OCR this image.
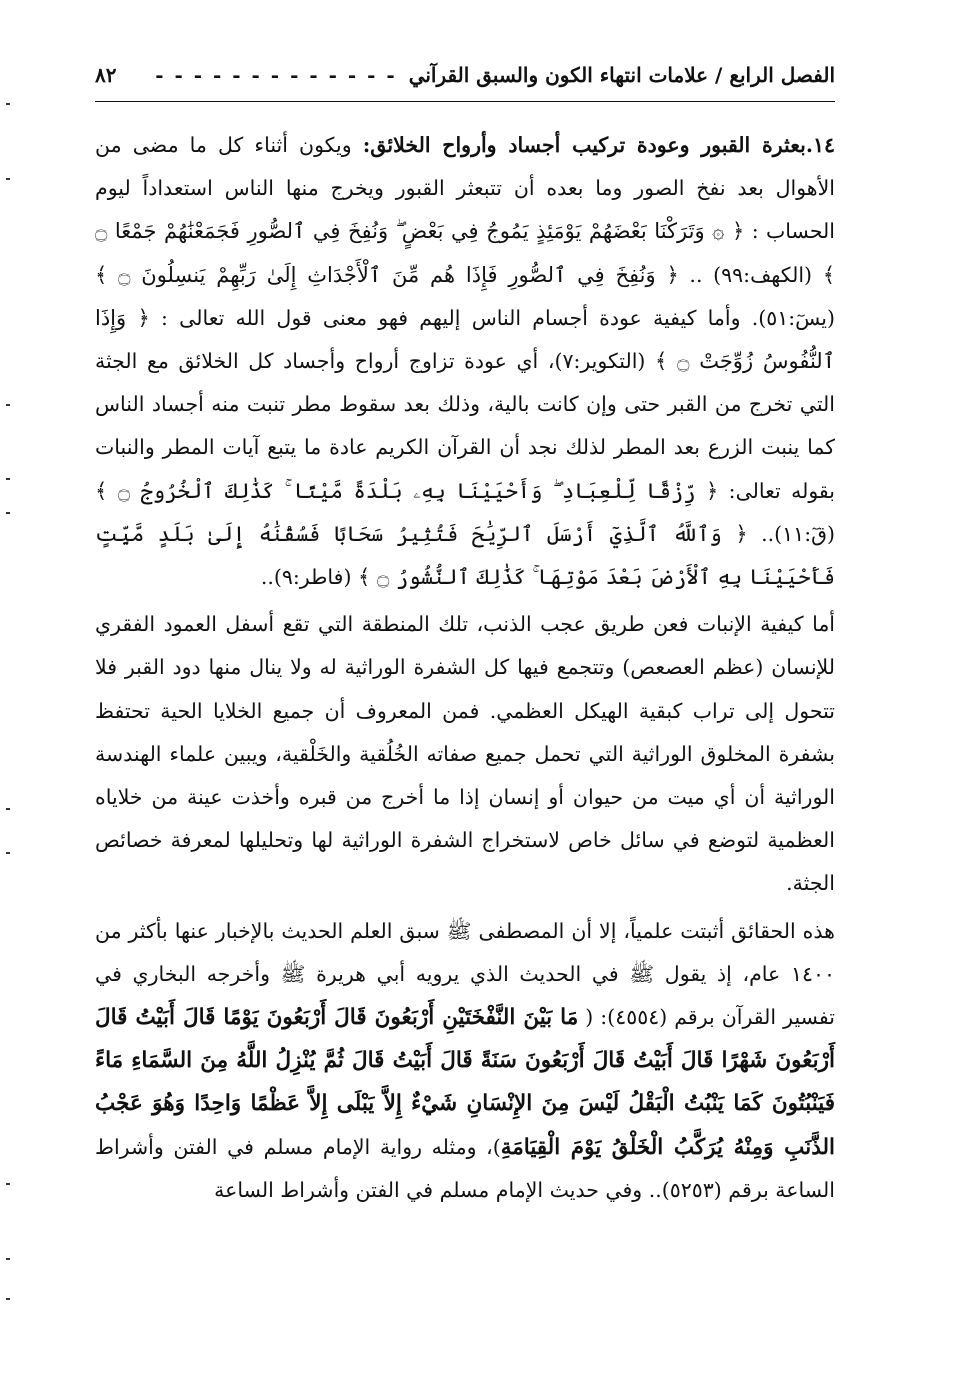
الفصل الرابع / علامات انتهاء الكون والسبق القرآني
- - - - - - - - - - - - -
٨٢

١٤.بعثرة القبور وعودة تركيب أجساد وأرواح الخلائق: ويكون أثناء كل ما مضى من الأهوال بعد نفخ الصور وما بعده أن تتبعثر القبور ويخرج منها الناس استعداداً ليوم الحساب : ﴿ ۞ وَتَرَكْنَا بَعْضَهُمْ يَوْمَئِذٍ يَمُوجُ فِي بَعْضٍ ۖ وَنُفِخَ فِي ٱلصُّورِ فَجَمَعْنَٰهُمْ جَمْعًا ۝ ﴾ (الكهف:٩٩) .. ﴿ وَنُفِخَ فِي ٱلصُّورِ فَإِذَا هُم مِّنَ ٱلْأَجْدَاثِ إِلَىٰ رَبِّهِمْ يَنسِلُونَ ۝ ﴾ (يسٓ:٥١). وأما كيفية عودة أجسام الناس إليهم فهو معنى قول الله تعالى : ﴿ وَإِذَا ٱلنُّفُوسُ زُوِّجَتْ ۝ ﴾ (التكوير:٧)، أي عودة تزاوج أرواح وأجساد كل الخلائق مع الجثة التي تخرج من القبر حتى وإن كانت بالية، وذلك بعد سقوط مطر تنبت منه أجساد الناس كما ينبت الزرع بعد المطر لذلك نجد أن القرآن الكريم عادة ما يتبع آيات المطر والنبات بقوله تعالى: ﴿ رِّزْقًا لِّلْعِبَادِ ۖ وَأَحْيَيْنَا بِهِۦ بَلْدَةً مَّيْتًا ۚ كَذَٰلِكَ ٱلْخُرُوجُ ۝ ﴾ (قٓ:١١).. ﴿ وَٱللَّهُ ٱلَّذِيٓ أَرْسَلَ ٱلرِّيَٰحَ فَتُثِيرُ سَحَابًا فَسُقْنَٰهُ إِلَىٰ بَلَدٍ مَّيِّتٍ فَأَحْيَيْنَا بِهِ ٱلْأَرْضَ بَعْدَ مَوْتِهَا ۚ كَذَٰلِكَ ٱلنُّشُورُ ۝ ﴾ (فاطر:٩)..

أما كيفية الإنبات فعن طريق عجب الذنب، تلك المنطقة التي تقع أسفل العمود الفقري للإنسان (عظم العصعص) وتتجمع فيها كل الشفرة الوراثية له ولا ينال منها دود القبر فلا تتحول إلى تراب كبقية الهيكل العظمي. فمن المعروف أن جميع الخلايا الحية تحتفظ بشفرة المخلوق الوراثية التي تحمل جميع صفاته الخُلُقية والخَلْقية، ويبين علماء الهندسة الوراثية أن أي ميت من حيوان أو إنسان إذا ما أخرج من قبره وأخذت عينة من خلاياه العظمية لتوضع في سائل خاص لاستخراج الشفرة الوراثية لها وتحليلها لمعرفة خصائص الجثة.

هذه الحقائق أثبتت علمياً، إلا أن المصطفى ﷺ سبق العلم الحديث بالإخبار عنها بأكثر من ١٤٠٠ عام، إذ يقول ﷺ في الحديث الذي يرويه أبي هريرة ﷺ وأخرجه البخاري في تفسير القرآن برقم (٤٥٥٤): ( مَا بَيْنَ النَّفْخَتَيْنِ أَرْبَعُونَ قَالَ أَرْبَعُونَ يَوْمًا قَالَ أَبَيْتُ قَالَ أَرْبَعُونَ شَهْرًا قَالَ أَبَيْتُ قَالَ أَرْبَعُونَ سَنَةً قَالَ أَبَيْتُ قَالَ ثُمَّ يُنْزِلُ اللَّهُ مِنَ السَّمَاءِ مَاءً فَيَنْبُتُونَ كَمَا يَنْبُتُ الْبَقْلُ لَيْسَ مِنَ الإِنْسَانِ شَيْءٌ إِلاَّ يَبْلَى إِلاَّ عَظْمًا وَاحِدًا وَهُوَ عَجْبُ الذَّنَبِ وَمِنْهُ يُرَكَّبُ الْخَلْقُ يَوْمَ الْقِيَامَةِ)، ومثله رواية الإمام مسلم في الفتن وأشراط الساعة برقم (٥٢٥٣).. وفي حديث الإمام مسلم في الفتن وأشراط الساعة
